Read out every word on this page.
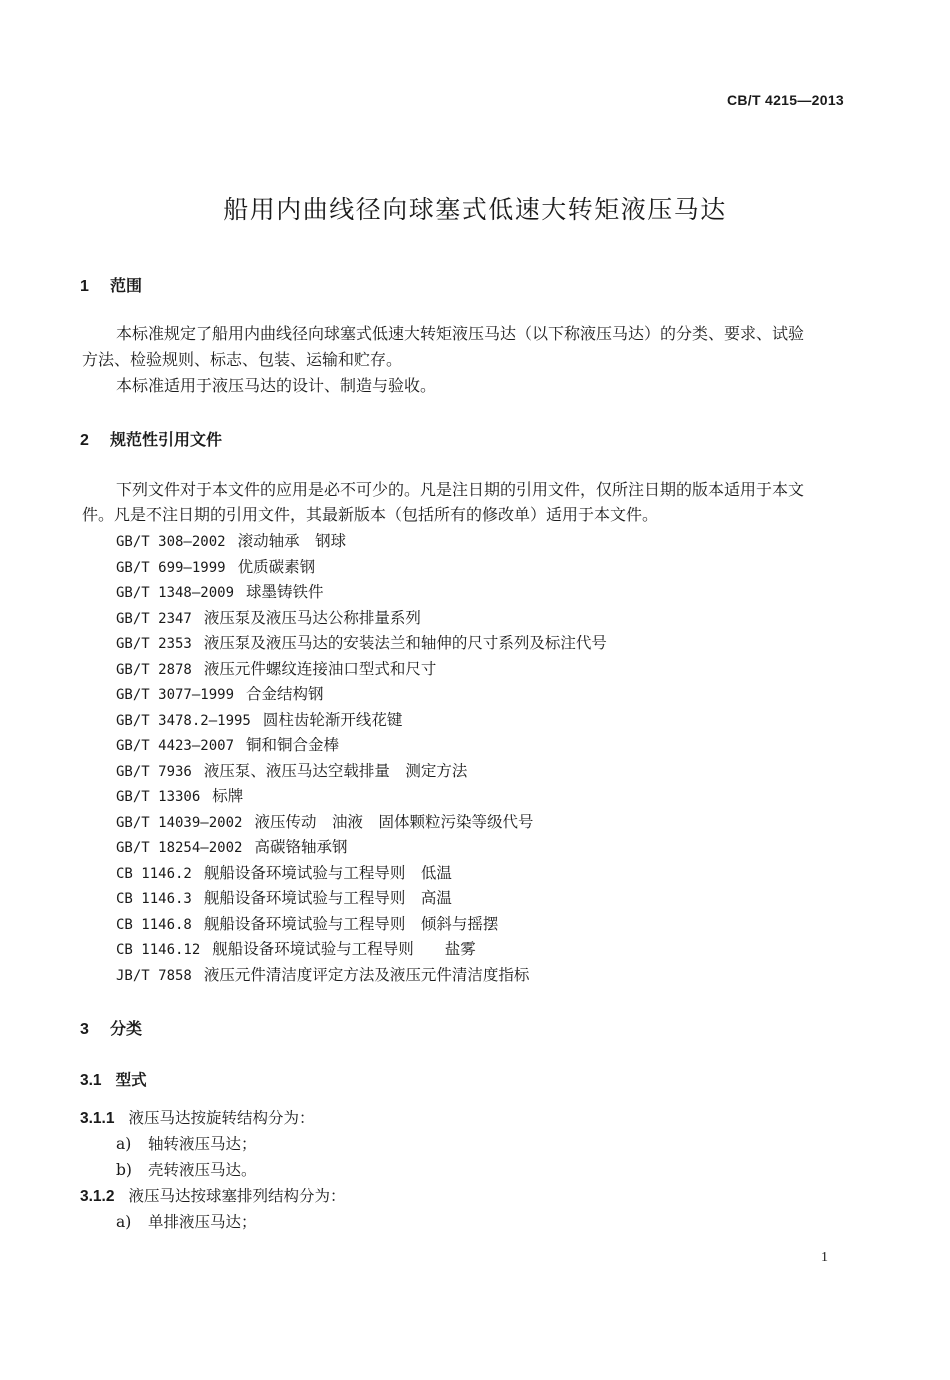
CB/T 4215—2013
船用内曲线径向球塞式低速大转矩液压马达
1 范围
本标准规定了船用内曲线径向球塞式低速大转矩液压马达（以下称液压马达）的分类、要求、试验
方法、检验规则、标志、包装、运输和贮存。
本标准适用于液压马达的设计、制造与验收。
2 规范性引用文件
下列文件对于本文件的应用是必不可少的。凡是注日期的引用文件，仅所注日期的版本适用于本文
件。凡是不注日期的引用文件，其最新版本（包括所有的修改单）适用于本文件。
GB/T 308—2002 滚动轴承　钢球
GB/T 699—1999 优质碳素钢
GB/T 1348—2009 球墨铸铁件
GB/T 2347 液压泵及液压马达公称排量系列
GB/T 2353 液压泵及液压马达的安装法兰和轴伸的尺寸系列及标注代号
GB/T 2878 液压元件螺纹连接油口型式和尺寸
GB/T 3077—1999 合金结构钢
GB/T 3478.2—1995 圆柱齿轮渐开线花键
GB/T 4423—2007 铜和铜合金棒
GB/T 7936 液压泵、液压马达空载排量　测定方法
GB/T 13306 标牌
GB/T 14039—2002 液压传动　油液　固体颗粒污染等级代号
GB/T 18254—2002 高碳铬轴承钢
CB 1146.2 舰船设备环境试验与工程导则　低温
CB 1146.3 舰船设备环境试验与工程导则　高温
CB 1146.8 舰船设备环境试验与工程导则　倾斜与摇摆
CB 1146.12 舰船设备环境试验与工程导则　　盐雾
JB/T 7858 液压元件清洁度评定方法及液压元件清洁度指标
3 分类
3.1 型式
3.1.1 液压马达按旋转结构分为：
a) 轴转液压马达；
b) 壳转液压马达。
3.1.2 液压马达按球塞排列结构分为：
a) 单排液压马达；
1
